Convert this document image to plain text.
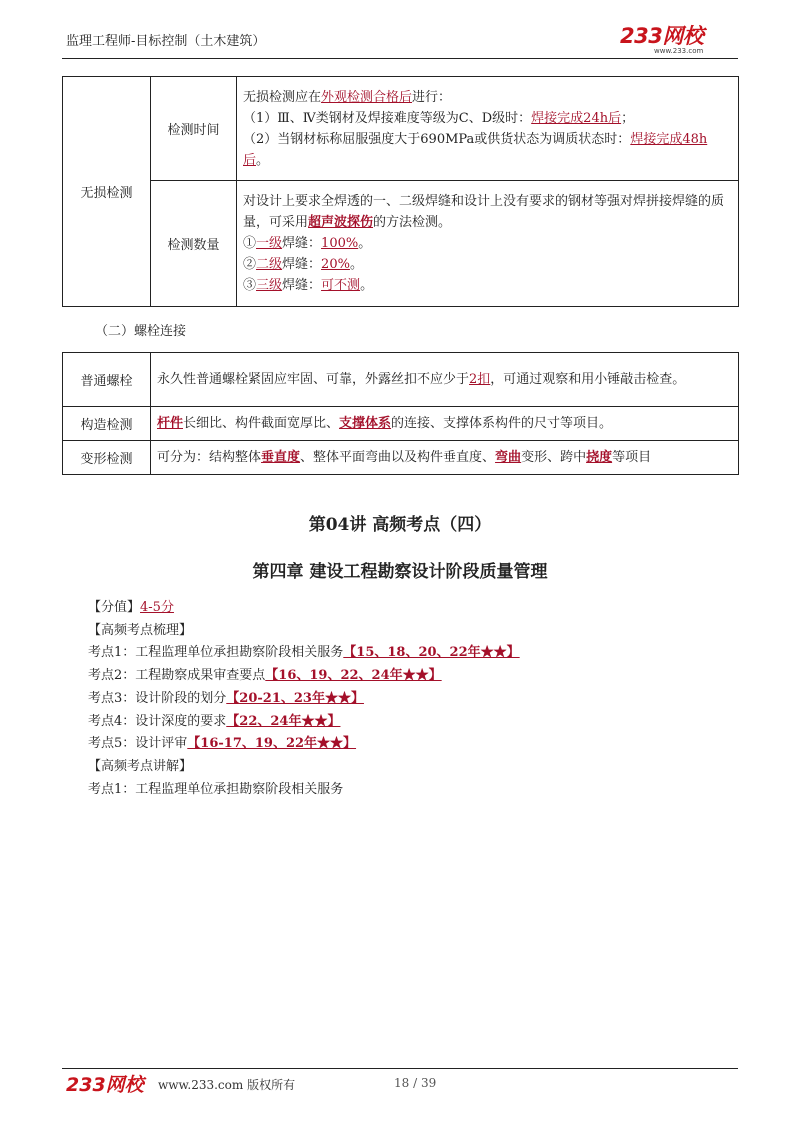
监理工程师-目标控制（土木建筑）	233网校
www.233.com
无损检测	检测时间	无损检测应在外观检测合格后进行：
（1）Ⅲ、Ⅳ类钢材及焊接难度等级为C、D级时：焊接完成24h后；
（2）当钢材标称屈服强度大于690MPa或供货状态为调质状态时：焊接完成48h后。

	检测数量	对设计上要求全焊透的一、二级焊缝和设计上没有要求的钢材等强对焊拼接焊缝的质量，可采用超声波探伤的方法检测。
①一级焊缝：100%。
②二级焊缝：20%。
③三级焊缝：可不测。
（二）螺栓连接
普通螺栓	永久性普通螺栓紧固应牢固、可靠，外露丝扣不应少于2扣，可通过观察和用小锤敲击检查。
构造检测	杆件长细比、构件截面宽厚比、支撑体系的连接、支撑体系构件的尺寸等项目。
变形检测	可分为：结构整体垂直度、整体平面弯曲以及构件垂直度、弯曲变形、跨中挠度等项目
第04讲 高频考点（四）
第四章 建设工程勘察设计阶段质量管理
【分值】4-5分
【高频考点梳理】
考点1：工程监理单位承担勘察阶段相关服务【15、18、20、22年★★】
考点2：工程勘察成果审查要点【16、19、22、24年★★】
考点3：设计阶段的划分【20-21、23年★★】
考点4：设计深度的要求【22、24年★★】
考点5：设计评审【16-17、19、22年★★】
【高频考点讲解】
考点1：工程监理单位承担勘察阶段相关服务
233网校 www.233.com 版权所有	18 / 39
